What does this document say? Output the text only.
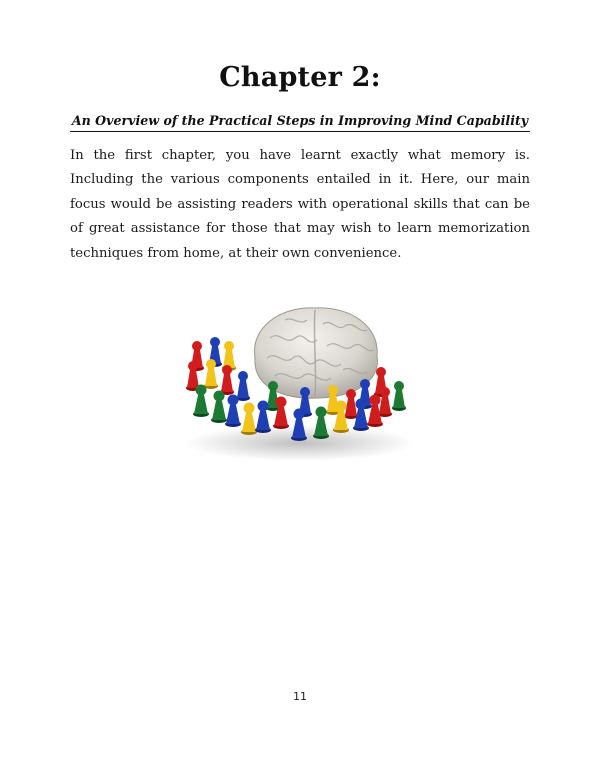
Chapter 2:

An Overview of the Practical Steps in Improving Mind Capability

In the first chapter, you have learnt exactly what memory is. Including the various components entailed in it. Here, our main focus would be assisting readers with operational skills that can be of great assistance for those that may wish to learn memorization techniques from home, at their own convenience.

11
